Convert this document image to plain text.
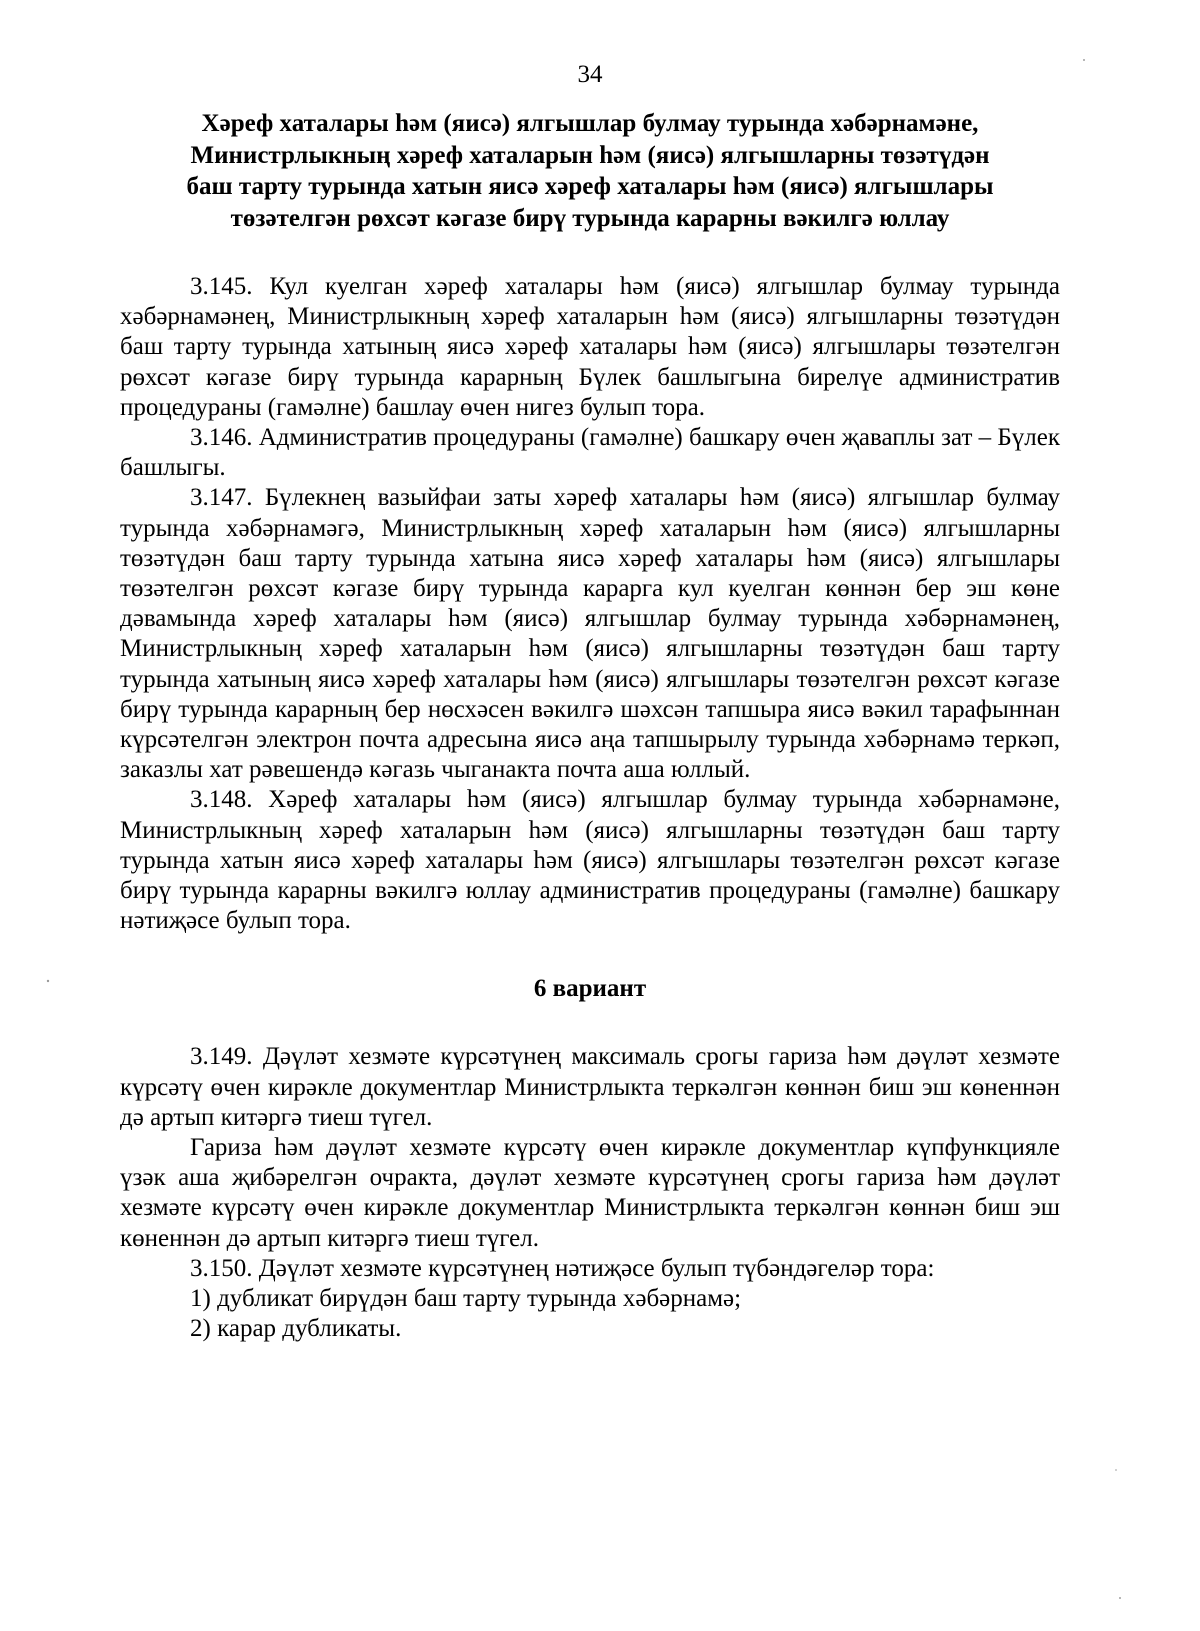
34
Хәреф хаталары һәм (яисә) ялгышлар булмау турында хәбәрнамәне,
Министрлыкның хәреф хаталарын һәм (яисә) ялгышларны төзәтүдән
баш тарту турында хатын яисә хәреф хаталары һәм (яисә) ялгышлары
төзәтелгән рөхсәт кәгазе бирү турында карарны вәкилгә юллау

3.145. Кул куелган хәреф хаталары һәм (яисә) ялгышлар булмау турында хәбәрнамәнең, Министрлыкның хәреф хаталарын һәм (яисә) ялгышларны төзәтүдән баш тарту турында хатының яисә хәреф хаталары һәм (яисә) ялгышлары төзәтелгән рөхсәт кәгазе бирү турында карарның Бүлек башлыгына бирелүе административ процедураны (гамәлне) башлау өчен нигез булып тора.

3.146. Административ процедураны (гамәлне) башкару өчен җаваплы зат – Бүлек башлыгы.

3.147. Бүлекнең вазыйфаи заты хәреф хаталары һәм (яисә) ялгышлар булмау турында хәбәрнамәгә, Министрлыкның хәреф хаталарын һәм (яисә) ялгышларны төзәтүдән баш тарту турында хатына яисә хәреф хаталары һәм (яисә) ялгышлары төзәтелгән рөхсәт кәгазе бирү турында карарга кул куелган көннән бер эш көне дәвамында хәреф хаталары һәм (яисә) ялгышлар булмау турында хәбәрнамәнең, Министрлыкның хәреф хаталарын һәм (яисә) ялгышларны төзәтүдән баш тарту турында хатының яисә хәреф хаталары һәм (яисә) ялгышлары төзәтелгән рөхсәт кәгазе бирү турында карарның бер нөсхәсен вәкилгә шәхсән тапшыра яисә вәкил тарафыннан күрсәтелгән электрон почта адресына яисә аңа тапшырылу турында хәбәрнамә теркәп, заказлы хат рәвешендә кәгазь чыганакта почта аша юллый.

3.148. Хәреф хаталары һәм (яисә) ялгышлар булмау турында хәбәрнамәне, Министрлыкның хәреф хаталарын һәм (яисә) ялгышларны төзәтүдән баш тарту турында хатын яисә хәреф хаталары һәм (яисә) ялгышлары төзәтелгән рөхсәт кәгазе бирү турында карарны вәкилгә юллау административ процедураны (гамәлне) башкару нәтиҗәсе булып тора.

6 вариант

3.149. Дәүләт хезмәте күрсәтүнең максималь срогы гариза һәм дәүләт хезмәте күрсәтү өчен кирәкле документлар Министрлыкта теркәлгән көннән биш эш көненнән дә артып китәргә тиеш түгел.

Гариза һәм дәүләт хезмәте күрсәтү өчен кирәкле документлар күпфункцияле үзәк аша җибәрелгән очракта, дәүләт хезмәте күрсәтүнең срогы гариза һәм дәүләт хезмәте күрсәтү өчен кирәкле документлар Министрлыкта теркәлгән көннән биш эш көненнән дә артып китәргә тиеш түгел.

3.150. Дәүләт хезмәте күрсәтүнең нәтиҗәсе булып түбәндәгеләр тора:

1) дубликат бирүдән баш тарту турында хәбәрнамә;

2) карар дубликаты.
